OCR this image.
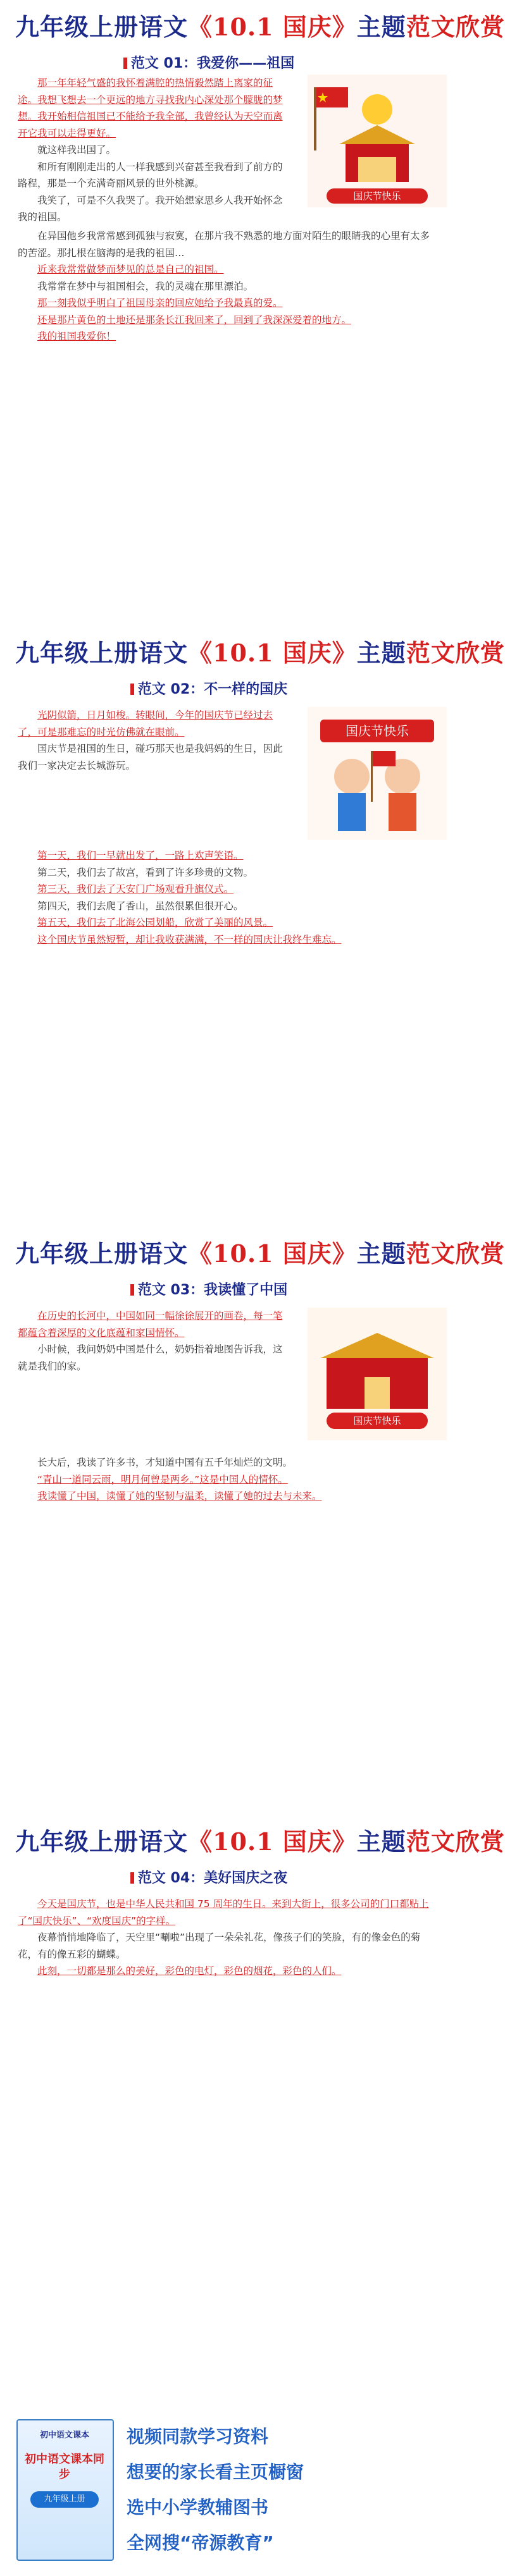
九年级上册语文《10.1 国庆》主题范文欣赏
范文 01：我爱你——祖国
国庆节快乐

那一年年轻气盛的我怀着满腔的热情毅然踏上离家的征途。我想飞想去一个更远的地方寻找我内心深处那个朦胧的梦想。我开始相信祖国已不能给予我全部，我曾经认为天空而离开它我可以走得更好。

就这样我出国了。

和所有刚刚走出的人一样我感到兴奋甚至我看到了前方的路程，那是一个充满奇丽风景的世外桃源。

我笑了，可是不久我哭了。我开始想家思乡人我开始怀念我的祖国。

在异国他乡我常常感到孤独与寂寞，在那片我不熟悉的地方面对陌生的眼睛我的心里有太多的苦涩。那扎根在脑海的是我的祖国…

近来我常常做梦而梦见的总是自己的祖国。

我常常在梦中与祖国相会，我的灵魂在那里漂泊。

那一刻我似乎明白了祖国母亲的回应她给予我最真的爱。

还是那片黄色的土地还是那条长江我回来了，回到了我深深爱着的地方。

我的祖国我爱你！

九年级上册语文《10.1 国庆》主题范文欣赏
范文 02：不一样的国庆
国庆节快乐

光阴似箭，日月如梭。转眼间，今年的国庆节已经过去了，可是那难忘的时光仿佛就在眼前。

国庆节是祖国的生日，碰巧那天也是我妈妈的生日，因此我们一家决定去长城游玩。

第一天，我们一早就出发了，一路上欢声笑语。

第二天，我们去了故宫，看到了许多珍贵的文物。

第三天，我们去了天安门广场观看升旗仪式。

第四天，我们去爬了香山，虽然很累但很开心。

第五天，我们去了北海公园划船，欣赏了美丽的风景。

这个国庆节虽然短暂，却让我收获满满，不一样的国庆让我终生难忘。

九年级上册语文《10.1 国庆》主题范文欣赏
范文 03：我读懂了中国
国庆节快乐

在历史的长河中，中国如同一幅徐徐展开的画卷，每一笔都蕴含着深厚的文化底蕴和家国情怀。

小时候，我问奶奶中国是什么，奶奶指着地图告诉我，这就是我们的家。

长大后，我读了许多书，才知道中国有五千年灿烂的文明。

“青山一道同云雨，明月何曾是两乡。”这是中国人的情怀。

我读懂了中国，读懂了她的坚韧与温柔，读懂了她的过去与未来。

九年级上册语文《10.1 国庆》主题范文欣赏
范文 04：美好国庆之夜

今天是国庆节，也是中华人民共和国 75 周年的生日。来到大街上，很多公司的门口都贴上了“国庆快乐”、“欢度国庆”的字样。

夜幕悄悄地降临了，天空里“唰啦”出现了一朵朵礼花，像孩子们的笑脸，有的像金色的菊花，有的像五彩的蝴蝶。

此刻，一切都是那么的美好，彩色的电灯，彩色的烟花，彩色的人们。

初中语文课本
初中语文课本同步
九年级上册
视频同款学习资料
想要的家长看主页橱窗
选中小学教辅图书
全网搜“帝源教育”
